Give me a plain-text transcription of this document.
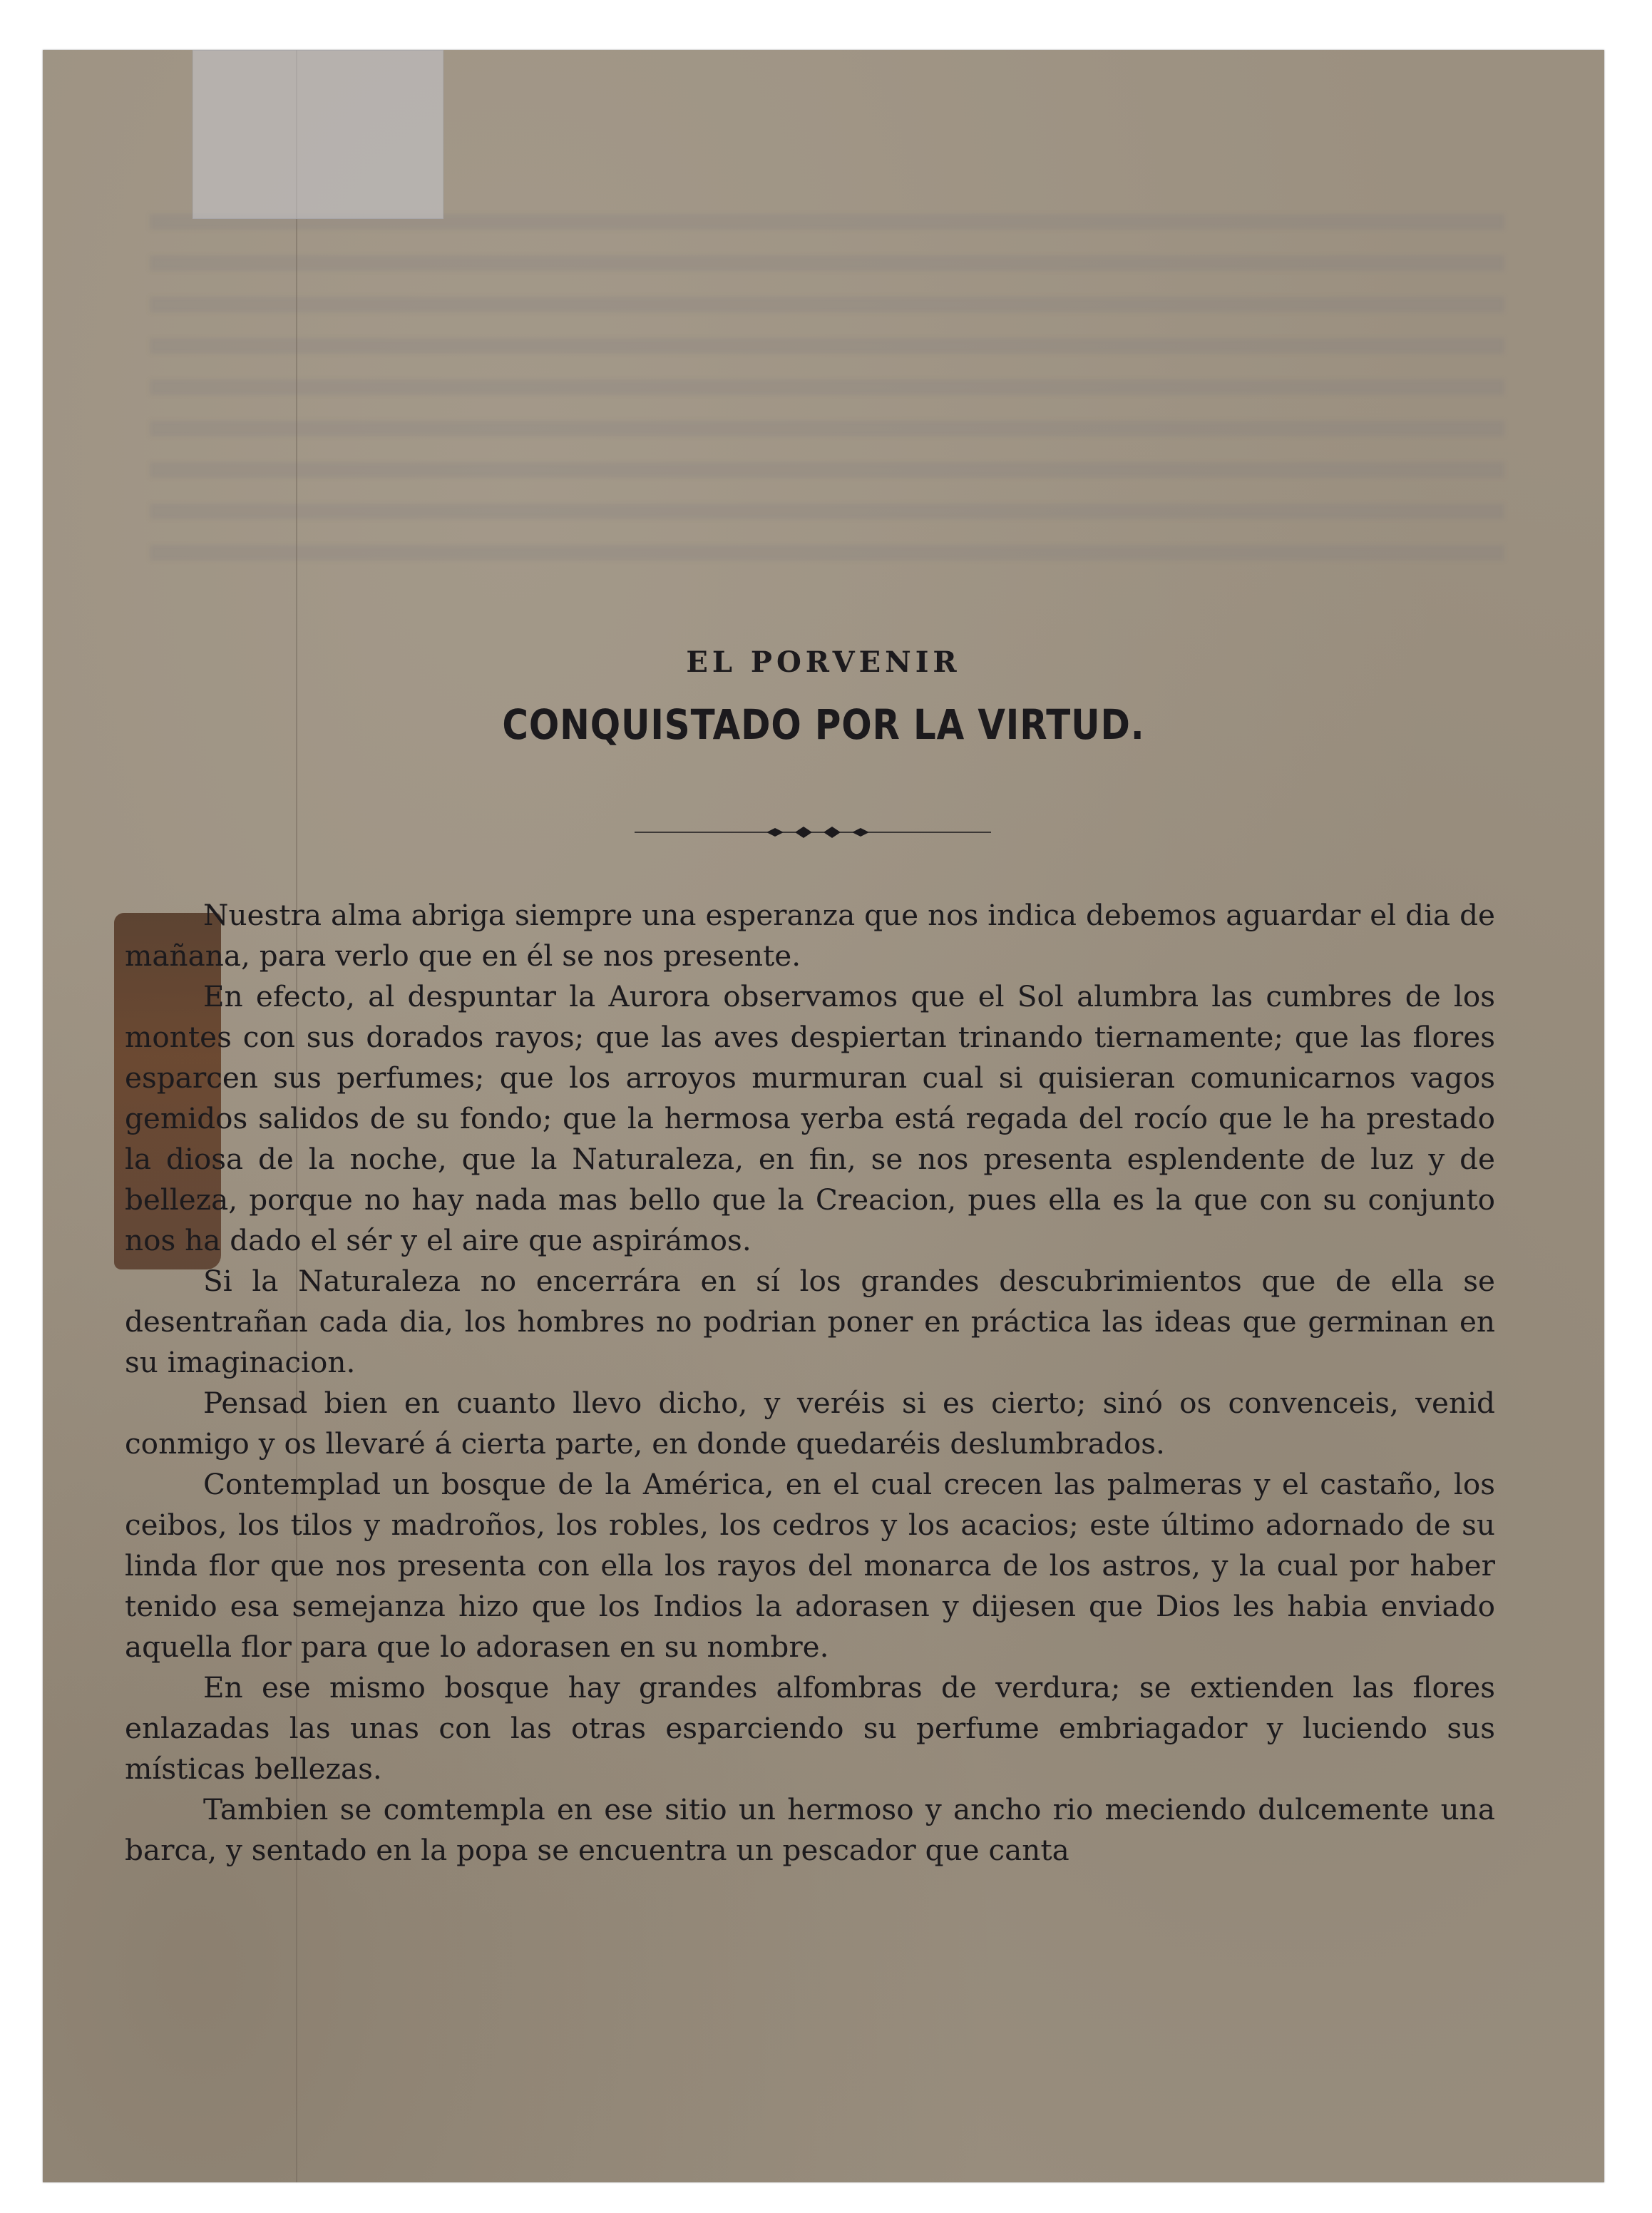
EL PORVENIR
CONQUISTADO POR LA VIRTUD.

Nuestra alma abriga siempre una esperanza que nos indica debemos aguardar el dia de mañana, para verlo que en él se nos presente.

En efecto, al despuntar la Aurora observamos que el Sol alumbra las cumbres de los montes con sus dorados rayos; que las aves despiertan trinando tiernamente; que las flores esparcen sus perfumes; que los arroyos murmuran cual si quisieran comunicarnos vagos gemidos salidos de su fondo; que la hermosa yerba está regada del rocío que le ha prestado la diosa de la noche, que la Naturaleza, en fin, se nos presenta esplendente de luz y de belleza, porque no hay nada mas bello que la Creacion, pues ella es la que con su conjunto nos ha dado el sér y el aire que aspirámos.

Si la Naturaleza no encerrára en sí los grandes descubrimientos que de ella se desentrañan cada dia, los hombres no podrian poner en práctica las ideas que germinan en su imaginacion.

Pensad bien en cuanto llevo dicho, y veréis si es cierto; sinó os convenceis, venid conmigo y os llevaré á cierta parte, en donde quedaréis deslumbrados.

Contemplad un bosque de la América, en el cual crecen las palmeras y el castaño, los ceibos, los tilos y madroños, los robles, los cedros y los acacios; este último adornado de su linda flor que nos presenta con ella los rayos del monarca de los astros, y la cual por haber tenido esa semejanza hizo que los Indios la adorasen y dijesen que Dios les habia enviado aquella flor para que lo adorasen en su nombre.

En ese mismo bosque hay grandes alfombras de verdura; se extienden las flores enlazadas las unas con las otras esparciendo su perfume embriagador y luciendo sus místicas bellezas.

Tambien se comtempla en ese sitio un hermoso y ancho rio meciendo dulcemente una barca, y sentado en la popa se encuentra un pescador que canta
